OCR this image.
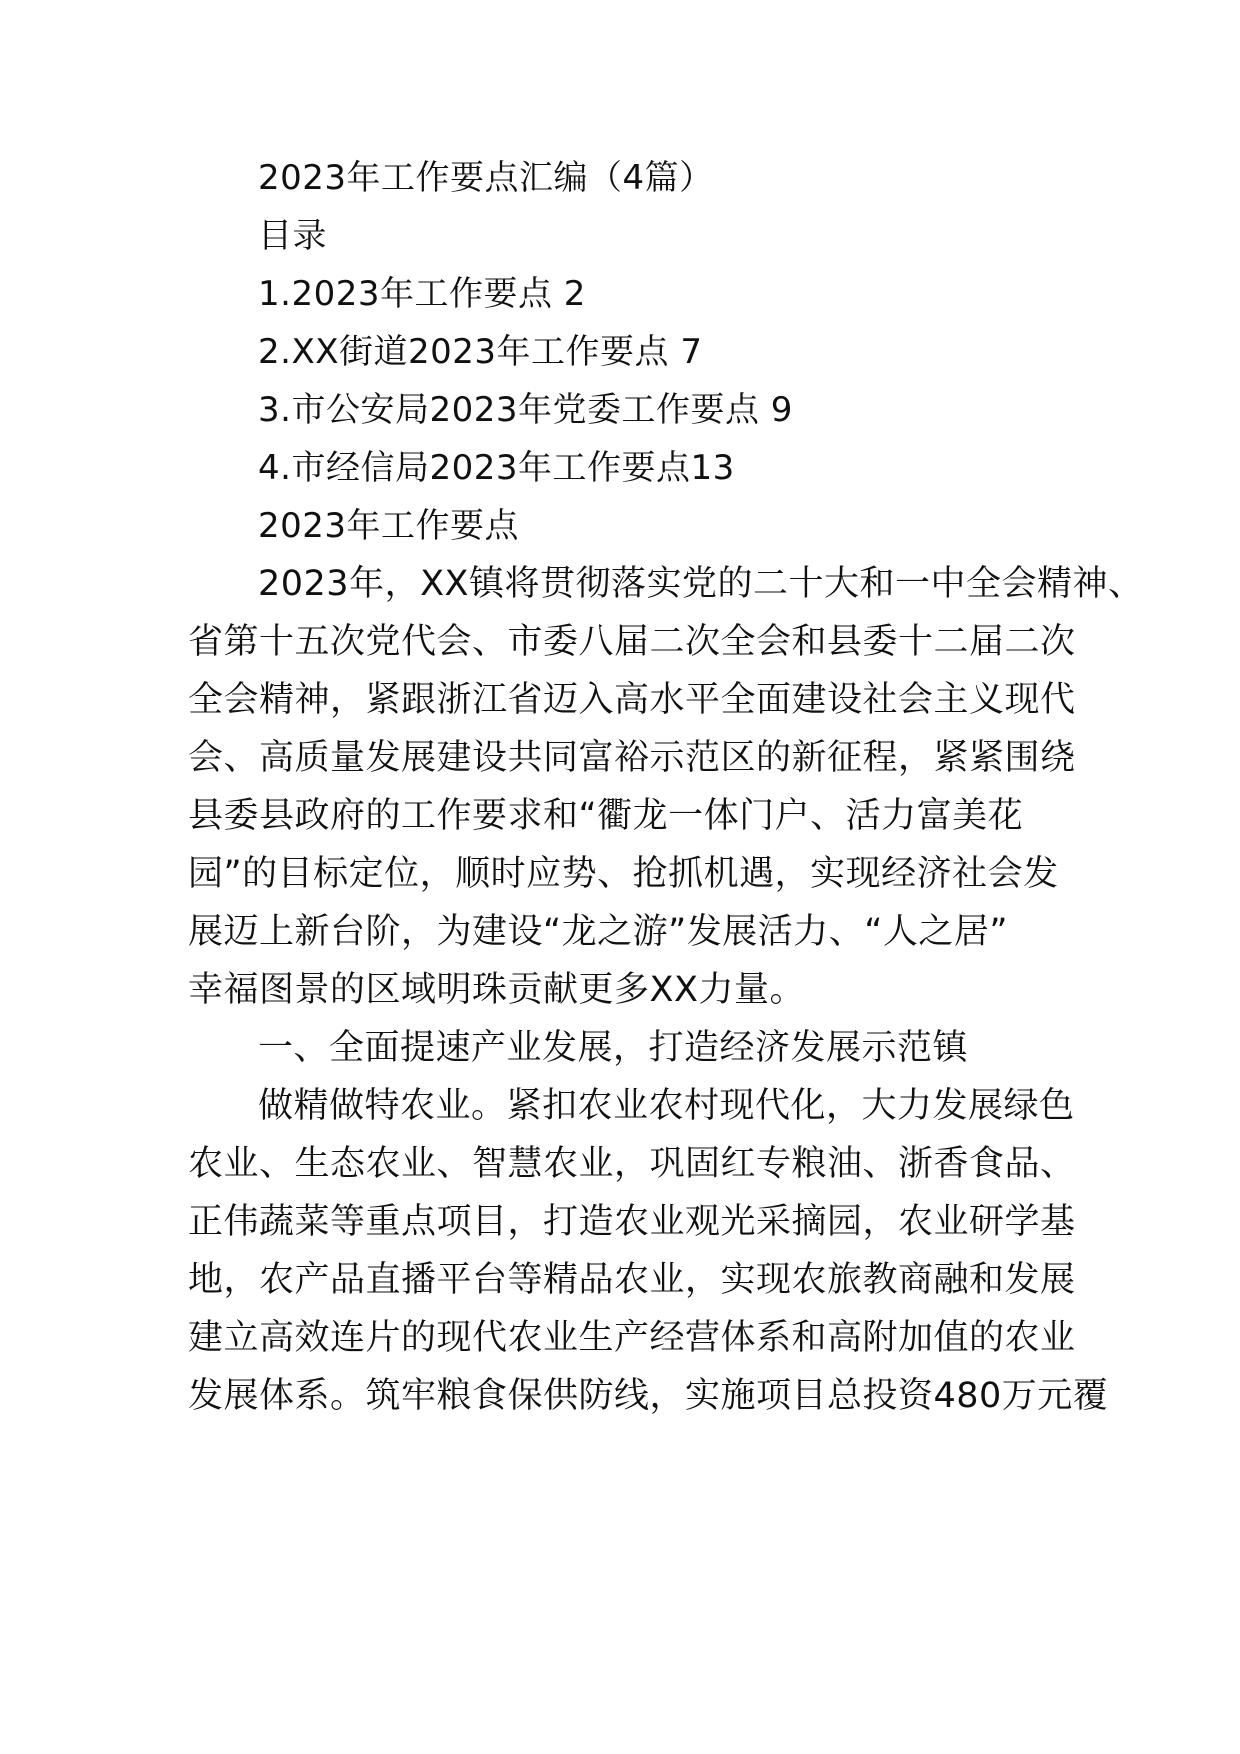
2023年工作要点汇编（4篇）
目录
1.2023年工作要点 2
2.XX街道2023年工作要点 7
3.市公安局2023年党委工作要点 9
4.市经信局2023年工作要点13
2023年工作要点
2023年，XX镇将贯彻落实党的二十大和一中全会精神、
省第十五次党代会、市委八届二次全会和县委十二届二次
全会精神，紧跟浙江省迈入高水平全面建设社会主义现代
会、高质量发展建设共同富裕示范区的新征程，紧紧围绕
县委县政府的工作要求和“衢龙一体门户、活力富美花
园”的目标定位，顺时应势、抢抓机遇，实现经济社会发
展迈上新台阶，为建设“龙之游”发展活力、“人之居”
幸福图景的区域明珠贡献更多XX力量。
一、全面提速产业发展，打造经济发展示范镇
做精做特农业。紧扣农业农村现代化，大力发展绿色
农业、生态农业、智慧农业，巩固红专粮油、浙香食品、
正伟蔬菜等重点项目，打造农业观光采摘园，农业研学基
地，农产品直播平台等精品农业，实现农旅教商融和发展
建立高效连片的现代农业生产经营体系和高附加值的农业
发展体系。筑牢粮食保供防线，实施项目总投资480万元覆
